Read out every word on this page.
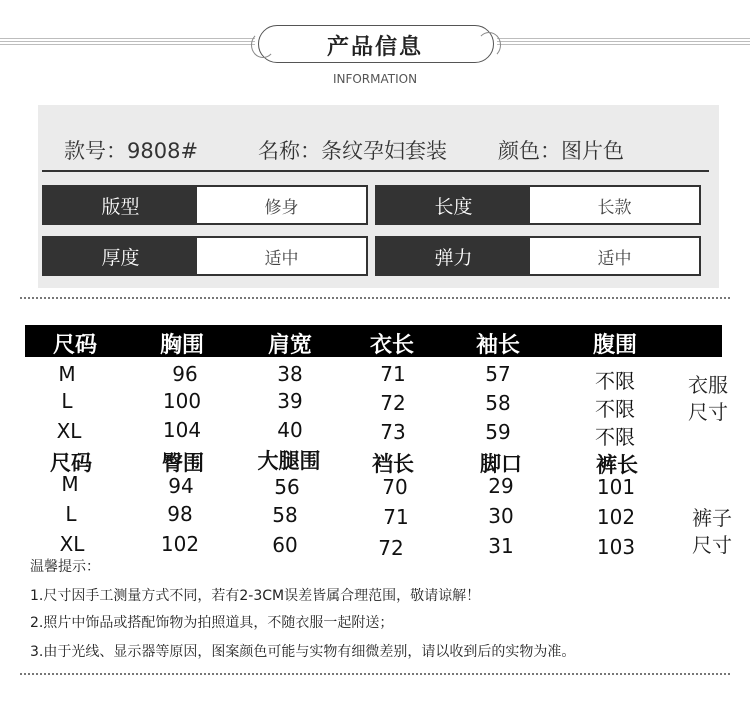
产品信息
INFORMATION
款号：9808#	名称：条纹孕妇套装 颜色：图片色
版型	修身	长度	长款
厚度	适中	弹力	适中
尺码	胸围	肩宽	衣长	袖长	腹围
M	96	38	71	57	不限
L	100	39	72	58	不限
XL	104	40	73	59	不限
衣服
尺寸
尺码	臀围	大腿围 裆长	脚口	裤长
M	94	56	70	29	101
L	98	58	71	30	102
XL	102	60	72	31	103
裤子
尺寸
温馨提示：
1.尺寸因手工测量方式不同，若有2-3CM误差皆属合理范围，敬请谅解！
2.照片中饰品或搭配饰物为拍照道具，不随衣服一起附送；
3.由于光线、显示器等原因，图案颜色可能与实物有细微差别，请以收到后的实物为准。
